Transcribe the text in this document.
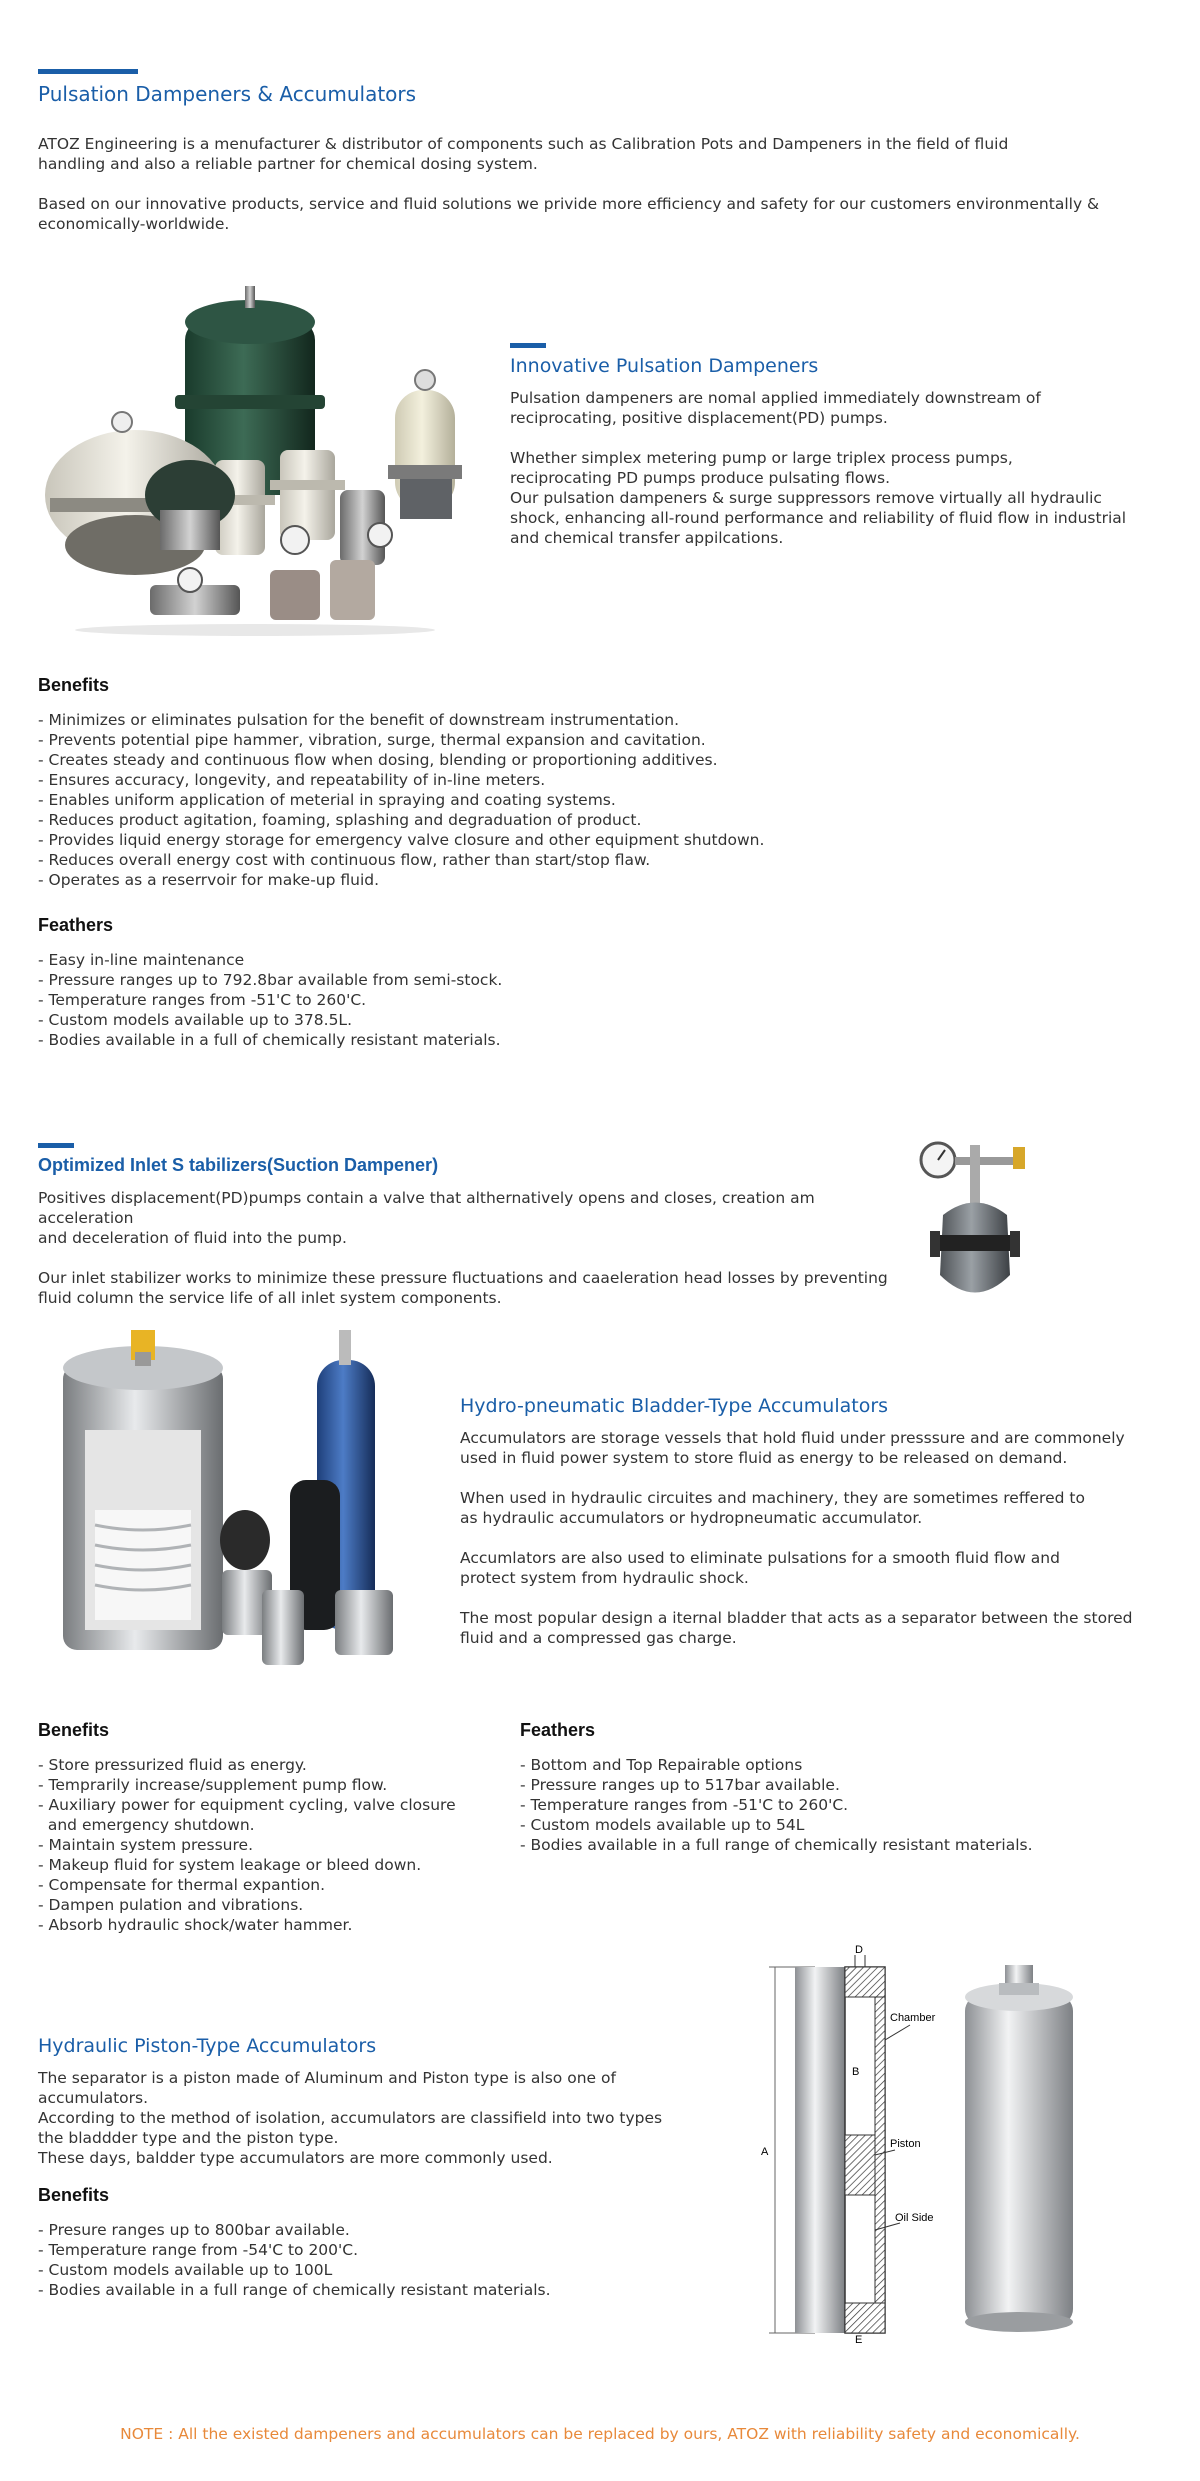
Pulsation Dampeners & Accumulators

ATOZ Engineering is a menufacturer & distributor of components such as Calibration Pots and Dampeners in the field of fluid

handling and also a reliable partner for chemical dosing system.

Based on our innovative products, service and fluid solutions we privide more efficiency and safety for our customers environmentally &

economically-worldwide.

Innovative Pulsation Dampeners

Pulsation dampeners are nomal applied immediately downstream of

reciprocating, positive displacement(PD) pumps.

Whether simplex metering pump or large triplex process pumps,

reciprocating PD pumps produce pulsating flows.

Our pulsation dampeners & surge suppressors remove virtually all hydraulic

shock, enhancing all-round performance and reliability of fluid flow in industrial

and chemical transfer appilcations.

Benefits
- Minimizes or eliminates pulsation for the benefit of downstream instrumentation.
- Prevents potential pipe hammer, vibration, surge, thermal expansion and cavitation.
- Creates steady and continuous flow when dosing, blending or proportioning additives.
- Ensures accuracy, longevity, and repeatability of in-line meters.
- Enables uniform application of meterial in spraying and coating systems.
- Reduces product agitation, foaming, splashing and degraduation of product.
- Provides liquid energy storage for emergency valve closure and other equipment shutdown.
- Reduces overall energy cost with continuous flow, rather than start/stop flaw.
- Operates as a reserrvoir for make-up fluid.
Feathers
- Easy in-line maintenance
- Pressure ranges up to 792.8bar available from semi-stock.
- Temperature ranges from -51'C to 260'C.
- Custom models available up to 378.5L.
- Bodies available in a full of chemically resistant materials.
Optimized Inlet S tabilizers(Suction Dampener)

Positives displacement(PD)pumps contain a valve that althernatively opens and closes, creation am acceleration

and deceleration of fluid into the pump.

Our inlet stabilizer works to minimize these pressure fluctuations and caaeleration head losses by preventing

fluid column the service life of all inlet system components.

Hydro-pneumatic Bladder-Type Accumulators

Accumulators are storage vessels that hold fluid under presssure and are commonely

used in fluid power system to store fluid as energy to be released on demand.

When used in hydraulic circuites and machinery, they are sometimes reffered to

as hydraulic accumulators or hydropneumatic accumulator.

Accumlators are also used to eliminate pulsations for a smooth fluid flow and

protect system from hydraulic shock.

The most popular design a iternal bladder that acts as a separator between the stored

fluid and a compressed gas charge.

Benefits
- Store pressurized fluid as energy.
- Temprarily increase/supplement pump flow.
- Auxiliary power for equipment cycling, valve closure
and emergency shutdown.
- Maintain system pressure.
- Makeup fluid for system leakage or bleed down.
- Compensate for thermal expantion.
- Dampen pulation and vibrations.
- Absorb hydraulic shock/water hammer.
Feathers
- Bottom and Top Repairable options
- Pressure ranges up to 517bar available.
- Temperature ranges from -51'C to 260'C.
- Custom models available up to 54L
- Bodies available in a full range of chemically resistant materials.
Hydraulic Piston-Type Accumulators

The separator is a piston made of Aluminum and Piston type is also one of accumulators.

According to the method of isolation, accumulators are classifield into two types

the bladdder type and the piston type.

These days, baldder type accumulators are more commonly used.

Benefits
- Presure ranges up to 800bar available.
- Temperature range from -54'C to 200'C.
- Custom models available up to 100L
- Bodies available in a full range of chemically resistant materials.
A
D
B
E
Chamber
Piston
Oil Side
NOTE : All the existed dampeners and accumulators can be replaced by ours, ATOZ with reliability safety and economically.
